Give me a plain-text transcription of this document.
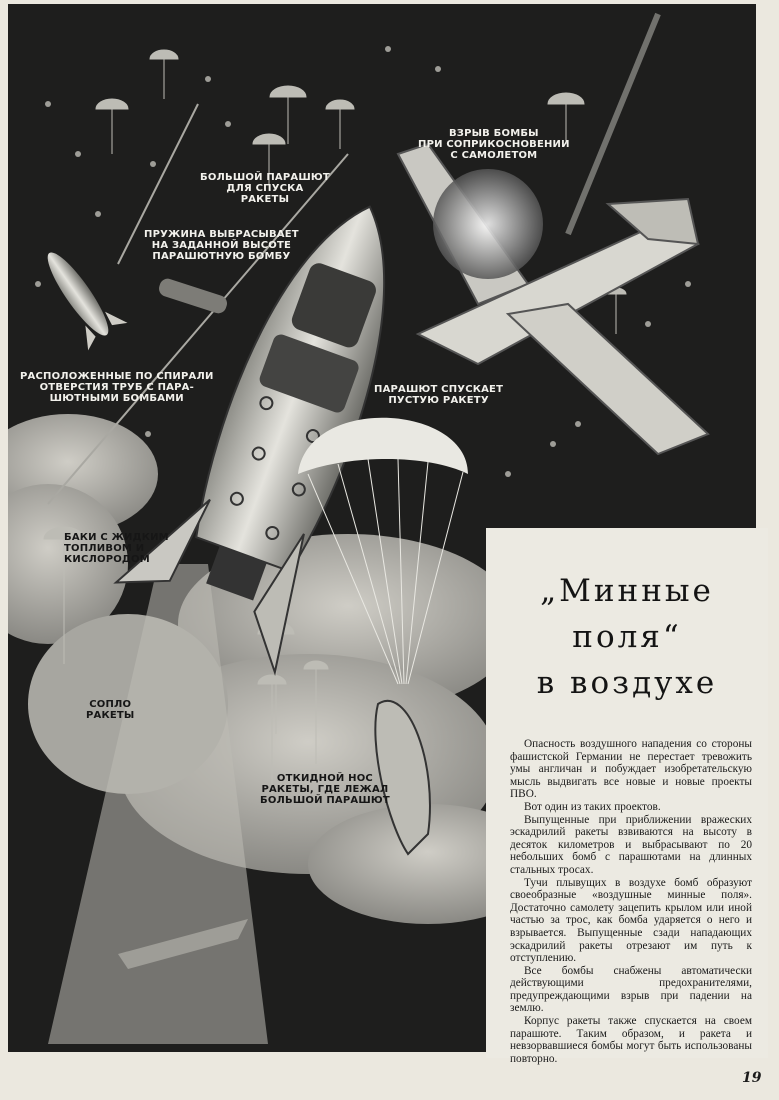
ВЗРЫВ БОМБЫ
ПРИ СОПРИКОСНОВЕНИИ
С САМОЛЕТОМ
БОЛЬШОЙ ПАРАШЮТ
ДЛЯ СПУСКА
РАКЕТЫ
ПРУЖИНА ВЫБРАСЫВАЕТ
НА ЗАДАННОЙ ВЫСОТЕ
ПАРАШЮТНУЮ БОМБУ
РАСПОЛОЖЕННЫЕ ПО СПИРАЛИ
ОТВЕРСТИЯ ТРУБ С ПАРА-
ШЮТНЫМИ БОМБАМИ
ПАРАШЮТ СПУСКАЕТ
ПУСТУЮ РАКЕТУ
БАКИ С ЖИДКИМ
ТОПЛИВОМ И
КИСЛОРОДОМ
СОПЛО
РАКЕТЫ
ОТКИДНОЙ НОС
РАКЕТЫ, ГДЕ ЛЕЖАЛ
БОЛЬШОЙ ПАРАШЮТ
„Минные
поля“
в воздухе

Опасность воздушного нападения со стороны фашистской Германии не перестает тревожить умы англичан и побуждает изобретательскую мысль выдвигать все новые и новые проекты ПВО.

Вот один из таких проектов.

Выпущенные при приближении вражеских эскадрилий ракеты взвиваются на высоту в десяток километров и выбрасывают по 20 небольших бомб с парашютами на длинных стальных тросах.

Тучи плывущих в воздухе бомб образуют своеобразные «воздушные минные поля». Достаточно самолету зацепить крылом или иной частью за трос, как бомба ударяется о него и взрывается. Выпущенные сзади нападающих эскадрилий ракеты отрезают им путь к отступлению.

Все бомбы снабжены автоматически действующими предохранителями, предупреждающими взрыв при падении на землю.

Корпус ракеты также спускается на своем парашюте. Таким образом, и ракета и невзорвавшиеся бомбы могут быть использованы повторно.

19
